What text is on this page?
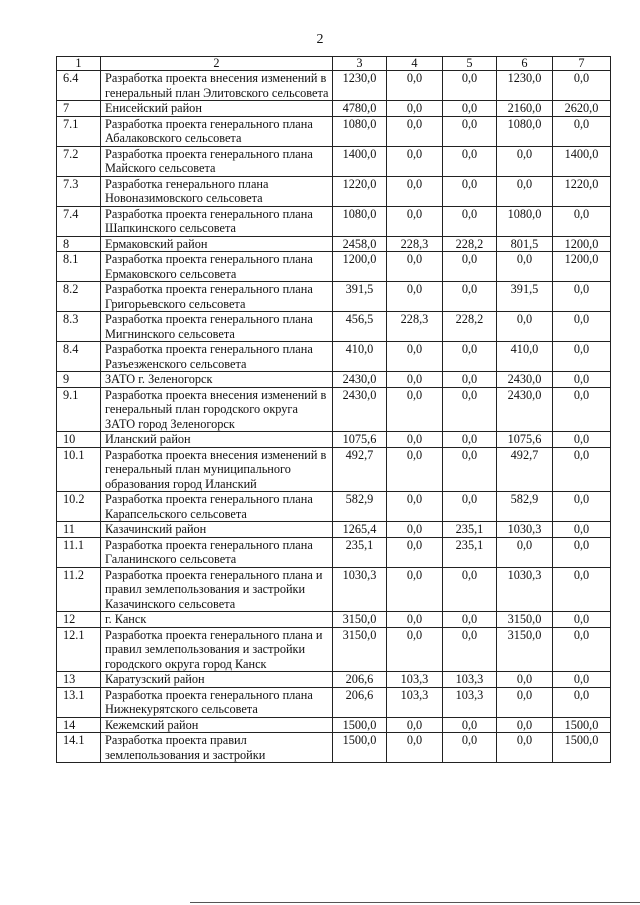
2
1	2	3	4	5	6	7
6.4	Разработка проекта внесения изменений в генеральный план Элитовского сельсовета	1230,0	0,0	0,0	1230,0	0,0
7	Енисейский район	4780,0	0,0	0,0	2160,0	2620,0
7.1	Разработка проекта генерального плана Абалаковского сельсовета	1080,0	0,0	0,0	1080,0	0,0
7.2	Разработка проекта генерального плана Майского сельсовета	1400,0	0,0	0,0	0,0	1400,0
7.3	Разработка генерального плана Новоназимовского сельсовета	1220,0	0,0	0,0	0,0	1220,0
7.4	Разработка проекта генерального плана Шапкинского сельсовета	1080,0	0,0	0,0	1080,0	0,0
8	Ермаковский район	2458,0	228,3	228,2	801,5	1200,0
8.1	Разработка проекта генерального плана Ермаковского сельсовета	1200,0	0,0	0,0	0,0	1200,0
8.2	Разработка проекта генерального плана Григорьевского сельсовета	391,5	0,0	0,0	391,5	0,0
8.3	Разработка проекта генерального плана Мигнинского сельсовета	456,5	228,3	228,2	0,0	0,0
8.4	Разработка проекта генерального плана Разъезженского сельсовета	410,0	0,0	0,0	410,0	0,0
9	ЗАТО г. Зеленогорск	2430,0	0,0	0,0	2430,0	0,0
9.1	Разработка проекта внесения изменений в генеральный план городского округа ЗАТО город Зеленогорск	2430,0	0,0	0,0	2430,0	0,0
10	Иланский район	1075,6	0,0	0,0	1075,6	0,0
10.1	Разработка проекта внесения изменений в генеральный план муниципального образования город Иланский	492,7	0,0	0,0	492,7	0,0
10.2	Разработка проекта генерального плана Карапсельского сельсовета	582,9	0,0	0,0	582,9	0,0
11	Казачинский район	1265,4	0,0	235,1	1030,3	0,0
11.1	Разработка проекта генерального плана Галанинского сельсовета	235,1	0,0	235,1	0,0	0,0
11.2	Разработка проекта генерального плана и правил землепользования и застройки Казачинского сельсовета	1030,3	0,0	0,0	1030,3	0,0
12	г. Канск	3150,0	0,0	0,0	3150,0	0,0
12.1	Разработка проекта генерального плана и правил землепользования и застройки городского округа город Канск	3150,0	0,0	0,0	3150,0	0,0
13	Каратузский район	206,6	103,3	103,3	0,0	0,0
13.1	Разработка проекта генерального плана Нижнекурятского сельсовета	206,6	103,3	103,3	0,0	0,0
14	Кежемский район	1500,0	0,0	0,0	0,0	1500,0
14.1	Разработка проекта правил землепользования и застройки	1500,0	0,0	0,0	0,0	1500,0
